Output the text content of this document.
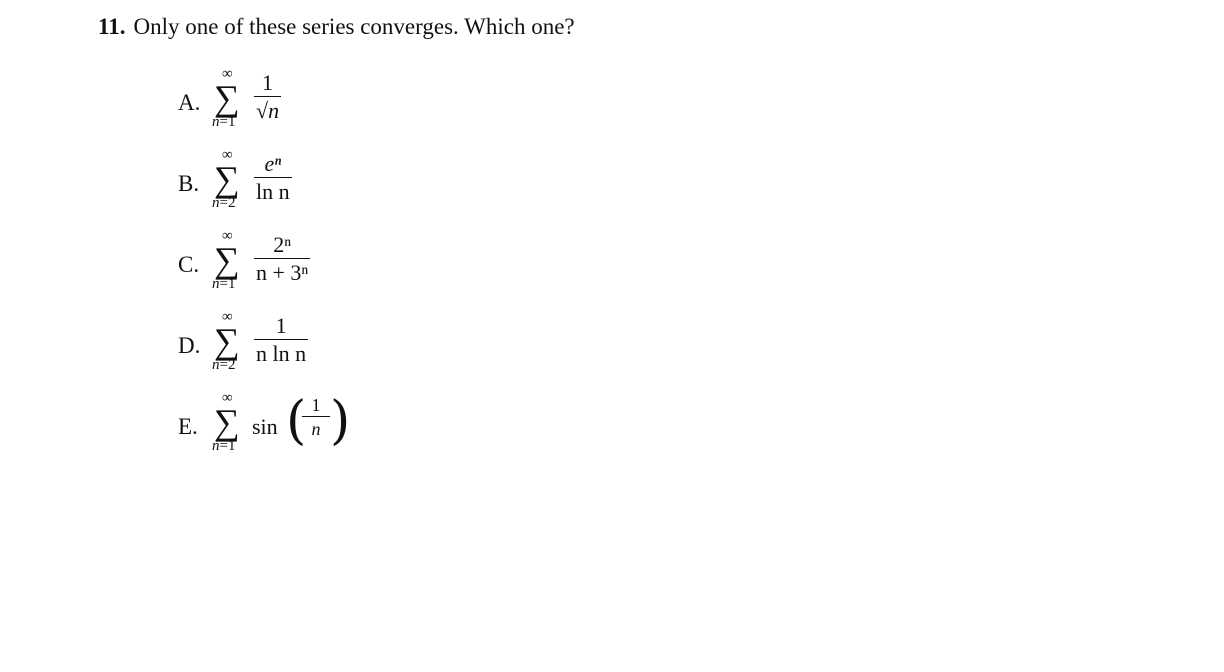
11. Only one of these series converges. Which one?
A.
∞
∑
n=1
1
√n
B.
∞
∑
n=2
eⁿ
ln n
C.
∞
∑
n=1
2ⁿ
n + 3ⁿ
D.
∞
∑
n=2
1
n ln n
E.
∞
∑
n=1
sin ( 1
n )
